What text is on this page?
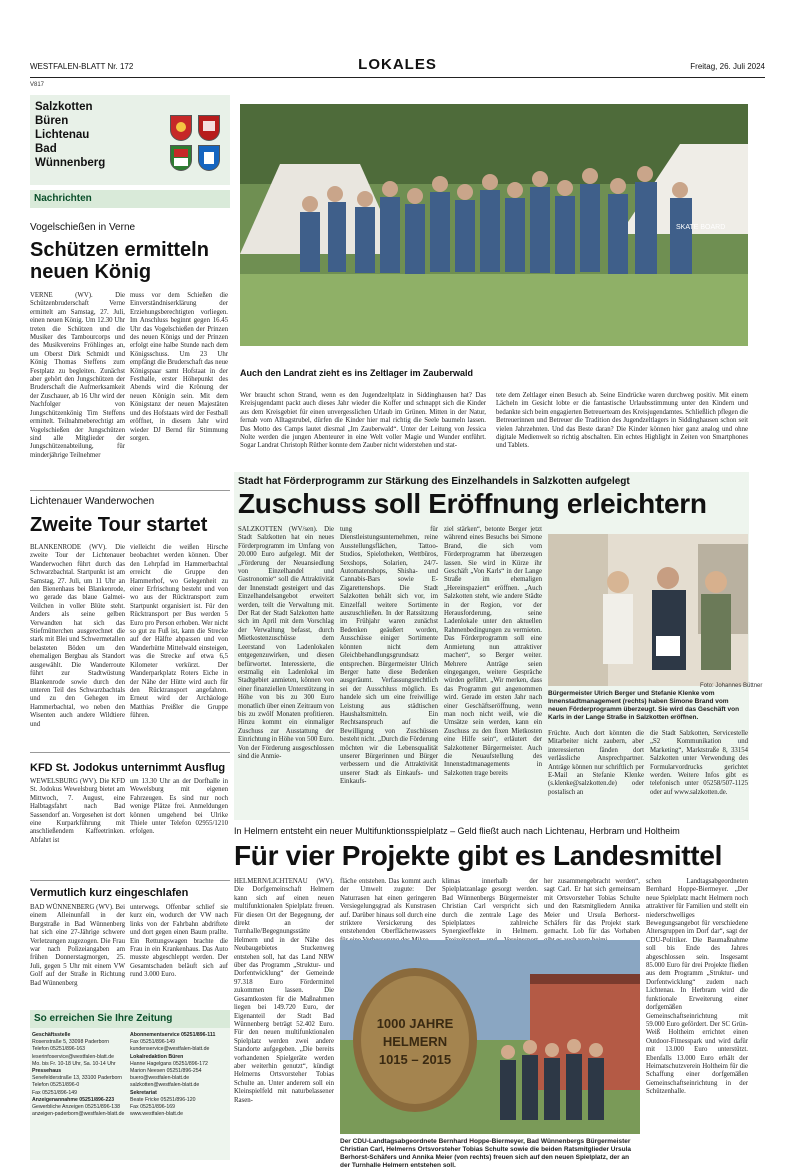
WESTFALEN-BLATT Nr. 172	LOKALES	Freitag, 26. Juli 2024
V817
Salzkotten
Büren
Lichtenau
Bad
Wünnenberg
Nachrichten
Vogelschießen in Verne
Schützen ermitteln neuen König
VERNE (WV). Die Schützenbruderschaft Verne ermittelt am Samstag, 27. Juli, einen neuen König. Um 12.30 Uhr treten die Schützen und die Musiker des Tambourcorps und des Musikvereins Fröhlinges an, um Oberst Dirk Schmidt und König Thomas Steffens zum Festplatz zu begleiten. Zunächst aber gehört den Jungschützen der Bruderschaft die Aufmerksamkeit der Zuschauer, ab 16 Uhr wird der Nachfolger von Jungschützenkönig Tim Steffens ermittelt. Teilnahmeberechtigt am Vogelschießen der Jungschützen sind alle Mitglieder der Jungschützenabteilung, für minderjährige Teilnehmer
muss vor dem Schießen die Einverständniserklärung der Erziehungsberechtigten vorliegen. Im Anschluss beginnt gegen 16.45 Uhr das Vogelschießen der Prinzen des neuen Königs und der Prinzen erfolgt eine halbe Stunde nach dem Königsschuss. Um 23 Uhr empfängt die Bruderschaft das neue Königspaar samt Hofstaat in der Festhalle, erster Höhepunkt des Abends wird die Krönung der neuen Königin sein. Mit dem Königstanz der neuen Majestäten und des Hofstaats wird der Festball eröffnet, in diesem Jahr wird wieder DJ Bernd für Stimmung sorgen.
Lichtenauer Wanderwochen
Zweite Tour startet
BLANKENRODE (WV). Die zweite Tour der Lichtenauer Wanderwochen führt durch das Schwarzbachtal. Startpunkt ist am Samstag, 27. Juli, um 11 Uhr an den Bienenhaus bei Blankenrode, wo gerade das blaue Galmei-Veilchen in voller Blüte steht. Anders als seine gelben Verwandten hat sich das Stiefmütterchen ausgerechnet die stark mit Blei und Schwermetallen belasteten Böden um den ehemaligen Bergbau als Standort ausgewählt. Die Wanderroute führt zur Stadtwüstung Blankenrode sowie durch den unteren Teil des Schwarzbachtals und zu den Gehegen im Hammerbachtal, wo neben den Wisenten auch andere Wildtiere und
vielleicht die weißen Hirsche beobachtet werden können. Über den Lehrpfad im Hammerbachtal erreicht die Gruppe den Hammerhof, wo Gelegenheit zu einer Erfrischung besteht und von wo aus der Rücktransport zum Startpunkt organisiert ist. Für den Rücktransport per Bus werden 5 Euro pro Person erhoben. Wer nicht so gut zu Fuß ist, kann die Strecke auf der Hälfte abpassen und von Wanderhütte Mittelwald einsteigen, was die Strecke auf etwa 6,5 Kilometer verkürzt. Der Wanderparkplatz Roters Eiche in der Nähe der Hütte wird auch für den Rücktransport angefahren. Erneut wird der Archäologe Matthias Preißler die Gruppe führen.
KFD St. Jodokus unternimmt Ausflug
WEWELSBURG (WV). Die KFD St. Jodokus Wewelsburg bietet am Mittwoch, 7. August, eine Halbtagsfahrt nach Bad Sassendorf an. Vorgesehen ist dort eine Kurparkführung mit anschließendem Kaffeetrinken. Abfahrt ist
um 13.30 Uhr an der Dorfhalle in Wewelsburg mit eigenen Fahrzeugen. Es sind nur noch wenige Plätze frei. Anmeldungen können umgehend bei Ulrike Thiele unter Telefon 02955/1210 erfolgen.
Vermutlich kurz eingeschlafen
BAD WÜNNENBERG (WV). Bei einem Alleinunfall in der Burgstraße in Bad Wünnenberg hat sich eine 27-Jährige schwere Verletzungen zugezogen. Die Frau war nach Polizeiangaben am frühen Donnerstagmorgen, 25. Juli, gegen 5 Uhr mit einem VW Golf auf der Straße in Richtung Bad Wünnenberg
unterwegs. Offenbar schlief sie kurz ein, wodurch der VW nach links von der Fahrbahn abdriftete und dort gegen einen Baum prallte. Ein Rettungswagen brachte die Frau in ein Krankenhaus. Das Auto musste abgeschleppt werden. Der Gesamtschaden beläuft sich auf rund 3.000 Euro.
So erreichen Sie Ihre Zeitung
Geschäftsstelle
Rosenstraße 5, 33098 Paderborn
Telefon 05251/896-163
leserinfoservice@westfalen-blatt.de
Mo. bis Fr. 10-18 Uhr, Sa. 10-14 Uhr
Pressehaus
Senefelderstraße 13, 33100 Paderborn
Telefon 05251/896-0
Fax 05251/896-149
Anzeigenannahme 05251/896-223
Gewerbliche Anzeigen 05251/896-138
anzeigen-paderborn@westfalen-blatt.de
Abonnementservice 05251/896-111
Fax 05251/896-149
kundenservice@westfalen-blatt.de
Lokalredaktion Büren
Hanne Hagelgans 05251/896-172
Marion Neesen 05251/896-254
buero@westfalen-blatt.de
salzkotten@westfalen-blatt.de
Sekretariat
Beate Fricke 05251/896-120
Fax 05251/896-169
www.westfalen-blatt.de
SKATE BOARD
Auch den Landrat zieht es ins Zeltlager im Zauberwald
Wer braucht schon Strand, wenn es den Jugendzeltplatz in Siddinghausen hat? Das Kreisjugendamt packt auch dieses Jahr wieder die Koffer und schnappt sich die Kinder aus dem Kreisgebiet für einen unvergesslichen Urlaub im Grünen. Mitten in der Natur, fernab vom Alltagstrubel, dürfen die Kinder hier mal richtig die Seele baumeln lassen. Das Motto des Camps lautet diesmal „Im Zauberwald“. Unter der Leitung von Jessica Nolte werden die jungen Abenteurer in eine Welt voller Magie und Wunder entführt. Sogar Landrat Christoph Rüther konnte dem Zauber nicht widerstehen und stat-
tete dem Zeltlager einen Besuch ab. Seine Eindrücke waren durchweg positiv. Mit einem Lächeln im Gesicht lobte er die fantastische Urlaubsstimmung unter den Kindern und bedankte sich beim engagierten Betreuerteam des Kreisjugendamtes. Schließlich pflegen die Betreuerinnen und Betreuer die Tradition des Jugendzeltlagers in Siddinghausen schon seit vielen Jahrzehnten. Und das Beste daran? Die Kinder können hier ganz analog und ohne digitale Medienwelt so richtig abschalten. Ein echtes Highlight in Zeiten von Smartphones und Tablets.
Stadt hat Förderprogramm zur Stärkung des Einzelhandels in Salzkotten aufgelegt
Zuschuss soll Eröffnung erleichtern
SALZKOTTEN (WV/sen). Die Stadt Salzkotten hat ein neues Förderprogramm im Umfang von 20.000 Euro aufgelegt. Mit der „Förderung der Neuansiedlung von Einzelhandel und Gastronomie“ soll die Attraktivität der Innenstadt gesteigert und das Einzelhandelsangebot erweitert werden, teilt die Verwaltung mit. Der Rat der Stadt Salzkotten hatte sich im April mit dem Vorschlag der Verwaltung befasst, durch Mietkostenzuschüsse dem Leerstand von Ladenlokalen entgegenzuwirken, und diesen befürwortet. Interessierte, die erstmalig ein Ladenlokal im Stadtgebiet anmieten, können von einer finanziellen Unterstützung in Höhe von bis zu 300 Euro monatlich über einen Zeitraum von bis zu zwölf Monaten profitieren. Hinzu kommt ein einmaliger Zuschuss zur Ausstattung der Einrichtung in Höhe von 500 Euro. Von der Förderung ausgeschlossen sind die Anmie-
tung für Dienstleistungsunternehmen, reine Ausstellungsflächen, Tattoo-Studios, Spielotheken, Wettbüros, Sexshops, Solarien, 24/7-Automatenshops, Shisha- und Cannabis-Bars sowie E-Zigarettenshops. Die Stadt Salzkotten behält sich vor, im Einzelfall weitere Sortimente auszuschließen. In der Ratssitzung im Frühjahr waren zunächst Bedenken geäußert worden, Ausschüsse einiger Sortimente könnten nicht dem Gleichbehandlungsgrundsatz entsprechen. Bürgermeister Ulrich Berger hatte diese Bedenken ausgeräumt. Verfassungsrechtlich sei der Ausschluss möglich. Es handele sich um eine freiwillige Leistung aus städtischen Haushaltsmitteln. Ein Rechtsanspruch auf die Bewilligung von Zuschüssen besteht nicht. „Durch die Förderung möchten wir die Lebensqualität unserer Bürgerinnen und Bürger verbessern und die Attraktivität unserer Stadt als Einkaufs- und Einkaufs-
ziel stärken“, betonte Berger jetzt während eines Besuchs bei Simone Brand, die sich vom Förderprogramm hat überzeugen lassen. Sie wird in Kürze ihr Geschäft „Von Karls“ in der Lange Straße im ehemaligen „Hereinspaziert“ eröffnen. „Auch Salzkotten steht, wie andere Städte in der Region, vor der Herausforderung, seine Ladenlokale unter den aktuellen Rahmenbedingungen zu vermieten. Das Förderprogramm soll eine Anmietung nun attraktiver machen“, so Berger weiter. Mehrere Anträge seien eingegangen, weitere Gespräche würden geführt. „Wir merken, dass das Programm gut angenommen wird. Gerade im ersten Jahr nach einer Geschäftseröffnung, wenn man noch nicht weiß, wie die Umsätze sein werden, kann ein Zuschuss zu den fixen Mietkosten eine Hilfe sein“, erläutert der Salzkottener Bürgermeister. Auch die Neuaufstellung des Innenstadtmanagements in Salzkotten trage bereits
Bürgermeister Ulrich Berger und Stefanie Klenke vom Innenstadtmanagement (rechts) haben Simone Brand vom neuen Förderprogramm überzeugt. Sie wird das Geschäft von Karls in der Lange Straße in Salzkotten eröffnen.
Foto: Johannes Büttner
Früchte. Auch dort könnten die Mitarbeiter nicht zaubern, aber interessierten fänden dort verlässliche Ansprechpartner. Anträge können nur schriftlich per E-Mail an Stefanie Klenke (s.klenke@salzkotten.de) oder postalisch an
die Stadt Salzkotten, Servicestelle „S2 Kommunikation und Marketing“, Marktstraße 8, 33154 Salzkotten unter Verwendung des Formularvordrucks gerichtet werden. Weitere Infos gibt es telefonisch unter 05258/507-1125 oder auf www.salzkotten.de.
In Helmern entsteht ein neuer Multifunktionsspielplatz – Geld fließt auch nach Lichtenau, Herbram und Holtheim
Für vier Projekte gibt es Landesmittel
HELMERN/LICHTENAU (WV). Die Dorfgemeinschaft Helmern kann sich auf einen neuen multifunktionalen Spielplatz freuen. Für diesen Ort der Begegnung, der direkt an der Turnhalle/Begegnungsstätte Helmern und in der Nähe des Neubaugebietes Stuckenweg entstehen soll, hat das Land NRW über das Programm „Struktur- und Dorfentwicklung“ der Gemeinde 97.318 Euro Fördermittel zukommen lassen. Die Gesamtkosten für die Maßnahmen liegen bei 149.720 Euro, der Eigenanteil der Stadt Bad Wünnenberg beträgt 52.402 Euro. Für den neuen multifunktionalen Spielplatz werden zwei andere Standorte aufgegeben. „Die bereits vorhandenen Spielgeräte werden aber weiterhin genutzt“, kündigt Helmerns Ortsvorsteher Tobias Schulte an. Unter anderem soll ein Kleinspielfeld mit naturbelassener Rasen-
fläche entstehen. Das kommt auch der Umwelt zugute: Der Naturrasen hat einen geringeren Versiegelungsgrad als Kunstrasen auf. Darüber hinaus soll durch eine striktere Versickerung des entstehenden Oberflächenwassers
klimas innerhalb der Spielplatzanlage gesorgt werden. Bad Wünnenbergs Bürgermeister Christian Carl verspricht sich durch die zentrale Lage des Spielplatzes zahlreiche Synergieeffekte in Helmern.
her zusammengebracht werden“, sagt Carl. Er hat sich gemeinsam mit Ortsvorsteher Tobias Schulte und den Ratsmitgliedern Annika Meier und Ursula Berhorst-Schäfers für das Projekt stark gemacht. Lob für das Vorhaben
schen Landtagsabgeordneten Bernhard Hoppe-Biermeyer. „Der neue Spielplatz macht Helmern noch attraktiver für Familien und stellt ein niederschwelliges Bewegungsangebot für verschiedene Altersgruppen im Dorf dar“, sagt der CDU-Politiker. Die Baumaßnahme soll bis Ende des Jahres abgeschlossen sein. Insgesamt 85.000 Euro für drei Projekte fließen aus dem Programm „Struktur- und Dorfentwicklung“ zudem nach Lichtenau. In Herbram wird die funktionale Erweiterung einer dorfgemäßen Gemeinschaftseinrichtung mit 59.000 Euro gefördert. Der SC Grün-Weiß Holtheim errichtet einen Outdoor-Fitnesspark und wird dafür mit 13.000 Euro unterstützt. Ebenfalls 13.000 Euro erhält der Heimatschutzverein Holtheim für die Schaffung einer dorfgemäßen Gemeinschaftseinrichtung in der Schützenhalle.
1000 JAHRE
HELMERN
1015 – 2015
Der CDU-Landtagsabgeordnete Bernhard Hoppe-Biermeyer, Bad Wünnenbergs Bürgermeister Christian Carl, Helmerns Ortsvorsteher Tobias Schulte sowie die beiden Ratsmitglieder Ursula Berhorst-Schäfers und Annika Meier (von rechts) freuen sich auf den neuen Spielplatz, der an der Turnhalle Helmern entstehen soll.
